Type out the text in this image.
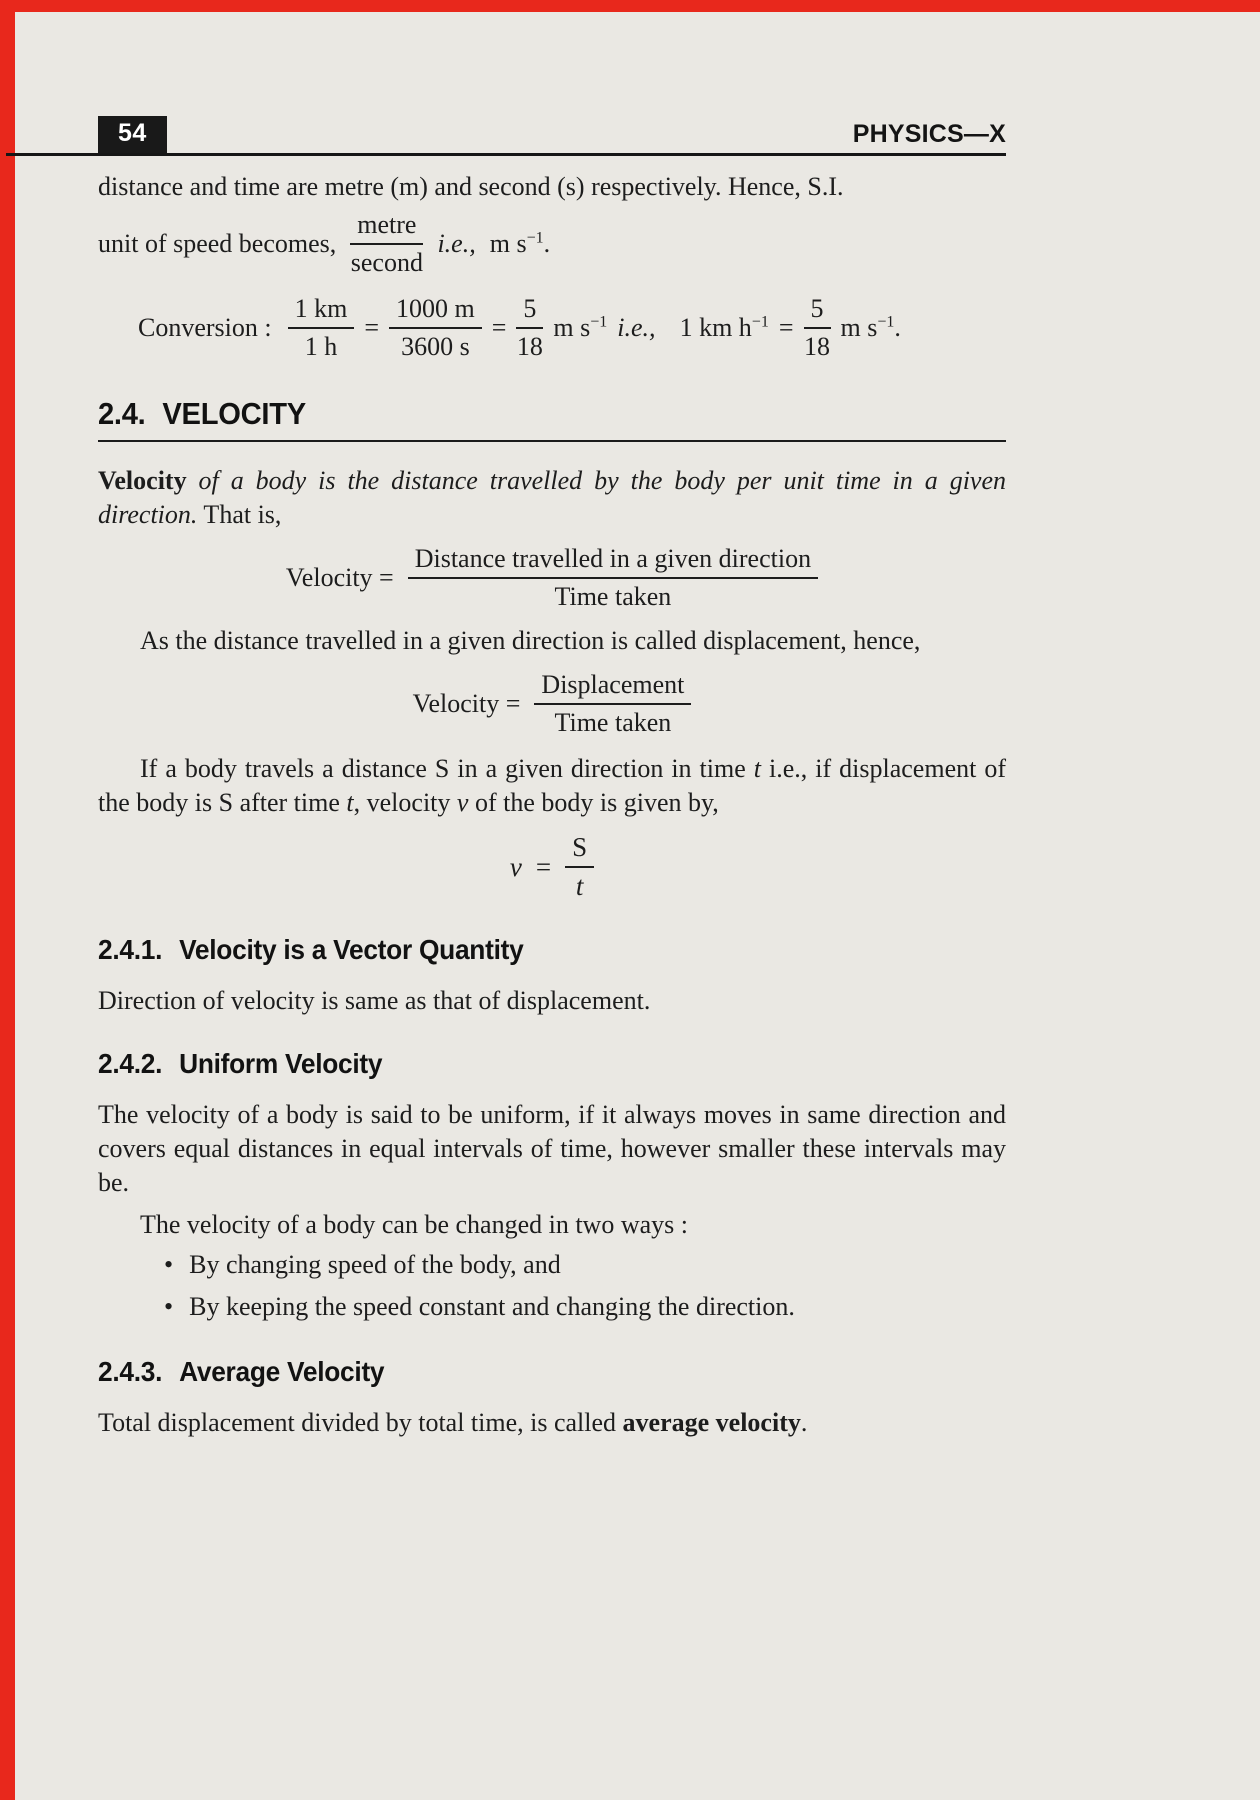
54	PHYSICS—X

distance and time are metre (m) and second (s) respectively. Hence, S.I.

unit of speed becomes, $\frac{\text{metre}}{\text{second}} i.e$., m $s^{-1}$.
Conversion : $\frac{1 km}{1 h} = \frac{1000 m}{3600 s} = \frac{5}{18}$ m $s^{-1}$ i.e., 1 km $h^{-1} = \frac{5}{18}$ m $s^{-1}$.
2.4. VELOCITY

Velocity of a body is the distance travelled by the body per unit time in a given direction. That is,

Velocity = $\frac{\text{Distance travelled in a given direction}}{\text{Time taken}}$

As the distance travelled in a given direction is called displacement, hence,

Velocity = $\frac{\text{Displacement}}{\text{Time taken}}$

If a body travels a distance S in a given direction in time t i.e., if displacement of the body is S after time t, velocity v of the body is given by,

$v = \frac{S}{t}$
2.4.1. Velocity is a Vector Quantity

Direction of velocity is same as that of displacement.

2.4.2. Uniform Velocity

The velocity of a body is said to be uniform, if it always moves in same direction and covers equal distances in equal intervals of time, however smaller these intervals may be.

The velocity of a body can be changed in two ways :

• By changing speed of the body, and
• By keeping the speed constant and changing the direction.
2.4.3. Average Velocity

Total displacement divided by total time, is called average velocity.
